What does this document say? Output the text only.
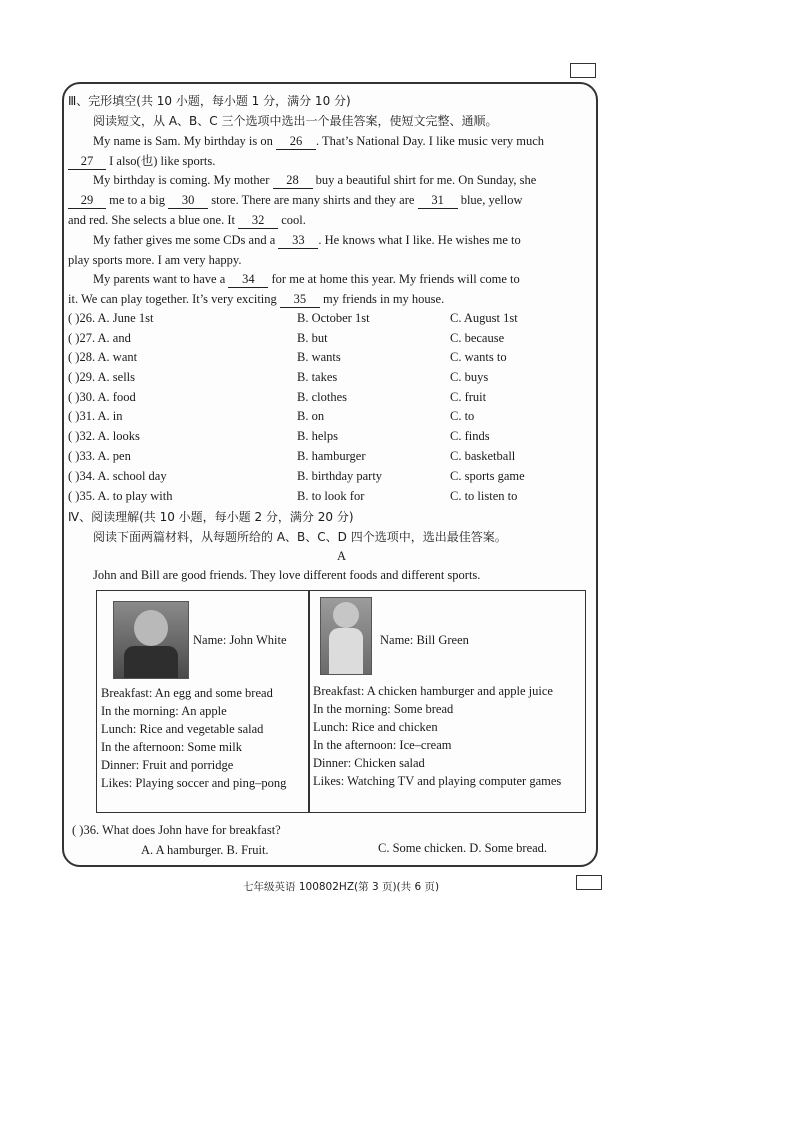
Ⅲ、完形填空(共 10 小题，每小题 1 分，满分 10 分)
阅读短文，从 A、B、C 三个选项中选出一个最佳答案，使短文完整、通顺。
My name is Sam. My birthday is on 26 . That’s National Day. I like music very much
27 I also(也) like sports.
My birthday is coming. My mother 28 buy a beautiful shirt for me. On Sunday, she
29 me to a big 30 store. There are many shirts and they are 31 blue, yellow
and red. She selects a blue one. It 32 cool.
My father gives me some CDs and a 33 . He knows what I like. He wishes me to
play sports more. I am very happy.
My parents want to have a 34 for me at home this year. My friends will come to
it. We can play together. It’s very exciting 35 my friends in my house.
( )26. A. June 1st	B. October 1st	C. August 1st
( )27. A. and	B. but	C. because
( )28. A. want	B. wants	C. wants to
( )29. A. sells	B. takes	C. buys
( )30. A. food	B. clothes	C. fruit
( )31. A. in	B. on	C. to
( )32. A. looks	B. helps	C. finds
( )33. A. pen	B. hamburger	C. basketball
( )34. A. school day	B. birthday party	C. sports game
( )35. A. to play with	B. to look for	C. to listen to
Ⅳ、阅读理解(共 10 小题，每小题 2 分，满分 20 分)
阅读下面两篇材料，从每题所给的 A、B、C、D 四个选项中，选出最佳答案。
A
John and Bill are good friends. They love different foods and different sports.
Name: John White
Breakfast: An egg and some bread
In the morning: An apple
Lunch: Rice and vegetable salad
In the afternoon: Some milk
Dinner: Fruit and porridge
Likes: Playing soccer and ping–pong
Name: Bill Green
Breakfast: A chicken hamburger and apple juice
In the morning: Some bread
Lunch: Rice and chicken
In the afternoon: Ice–cream
Dinner: Chicken salad
Likes: Watching TV and playing computer games
( )36. What does John have for breakfast?
A. A hamburger. B. Fruit.	C. Some chicken. D. Some bread.
七年级英语 100802HZ(第 3 页)(共 6 页)
